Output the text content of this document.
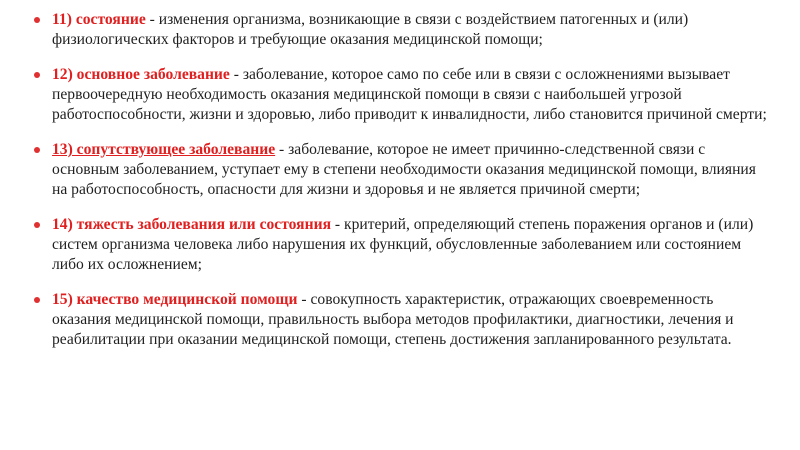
11) состояние - изменения организма, возникающие в связи с воздействием патогенных и (или) физиологических факторов и требующие оказания медицинской помощи;
12) основное заболевание - заболевание, которое само по себе или в связи с осложнениями вызывает первоочередную необходимость оказания медицинской помощи в связи с наибольшей угрозой работоспособности, жизни и здоровью, либо приводит к инвалидности, либо становится причиной смерти;
13) сопутствующее заболевание - заболевание, которое не имеет причинно-следственной связи с основным заболеванием, уступает ему в степени необходимости оказания медицинской помощи, влияния на работоспособность, опасности для жизни и здоровья и не является причиной смерти;
14) тяжесть заболевания или состояния - критерий, определяющий степень поражения органов и (или) систем организма человека либо нарушения их функций, обусловленные заболеванием или состоянием либо их осложнением;
15) качество медицинской помощи - совокупность характеристик, отражающих своевременность оказания медицинской помощи, правильность выбора методов профилактики, диагностики, лечения и реабилитации при оказании медицинской помощи, степень достижения запланированного результата.
